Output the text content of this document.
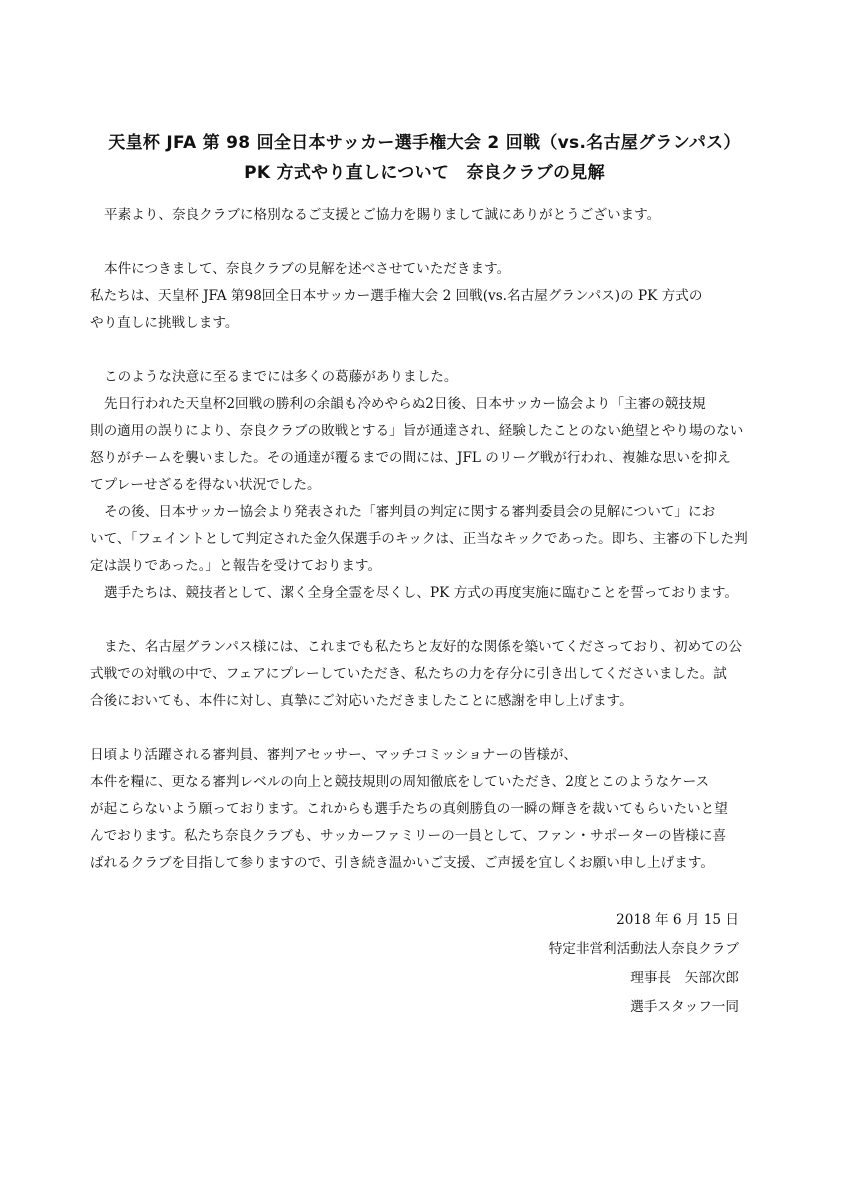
天皇杯 JFA 第 98 回全日本サッカー選手権大会 2 回戦（vs.名古屋グランパス）
PK 方式やり直しについて　奈良クラブの見解
平素より、奈良クラブに格別なるご支援とご協力を賜りまして誠にありがとうございます。
本件につきまして、奈良クラブの見解を述べさせていただきます。
私たちは、天皇杯 JFA 第98回全日本サッカー選手権大会 2 回戦(vs.名古屋グランパス)の PK 方式の
やり直しに挑戦します。
このような決意に至るまでには多くの葛藤がありました。
先日行われた天皇杯2回戦の勝利の余韻も冷めやらぬ2日後、日本サッカー協会より「主審の競技規
則の適用の誤りにより、奈良クラブの敗戦とする」旨が通達され、経験したことのない絶望とやり場のない
怒りがチームを襲いました。その通達が覆るまでの間には、JFL のリーグ戦が行われ、複雑な思いを抑え
てプレーせざるを得ない状況でした。
その後、日本サッカー協会より発表された「審判員の判定に関する審判委員会の見解について」にお
いて、「フェイントとして判定された金久保選手のキックは、正当なキックであった。即ち、主審の下した判
定は誤りであった。」と報告を受けております。
選手たちは、競技者として、潔く全身全霊を尽くし、PK 方式の再度実施に臨むことを誓っております。
また、名古屋グランパス様には、これまでも私たちと友好的な関係を築いてくださっており、初めての公
式戦での対戦の中で、フェアにプレーしていただき、私たちの力を存分に引き出してくださいました。試
合後においても、本件に対し、真摯にご対応いただきましたことに感謝を申し上げます。
日頃より活躍される審判員、審判アセッサー、マッチコミッショナーの皆様が、
本件を糧に、更なる審判レベルの向上と競技規則の周知徹底をしていただき、2度とこのようなケース
が起こらないよう願っております。これからも選手たちの真剣勝負の一瞬の輝きを裁いてもらいたいと望
んでおります。私たち奈良クラブも、サッカーファミリーの一員として、ファン・サポーターの皆様に喜
ばれるクラブを目指して参りますので、引き続き温かいご支援、ご声援を宜しくお願い申し上げます。
2018 年 6 月 15 日
特定非営利活動法人奈良クラブ
理事長　矢部次郎
選手スタッフ一同
